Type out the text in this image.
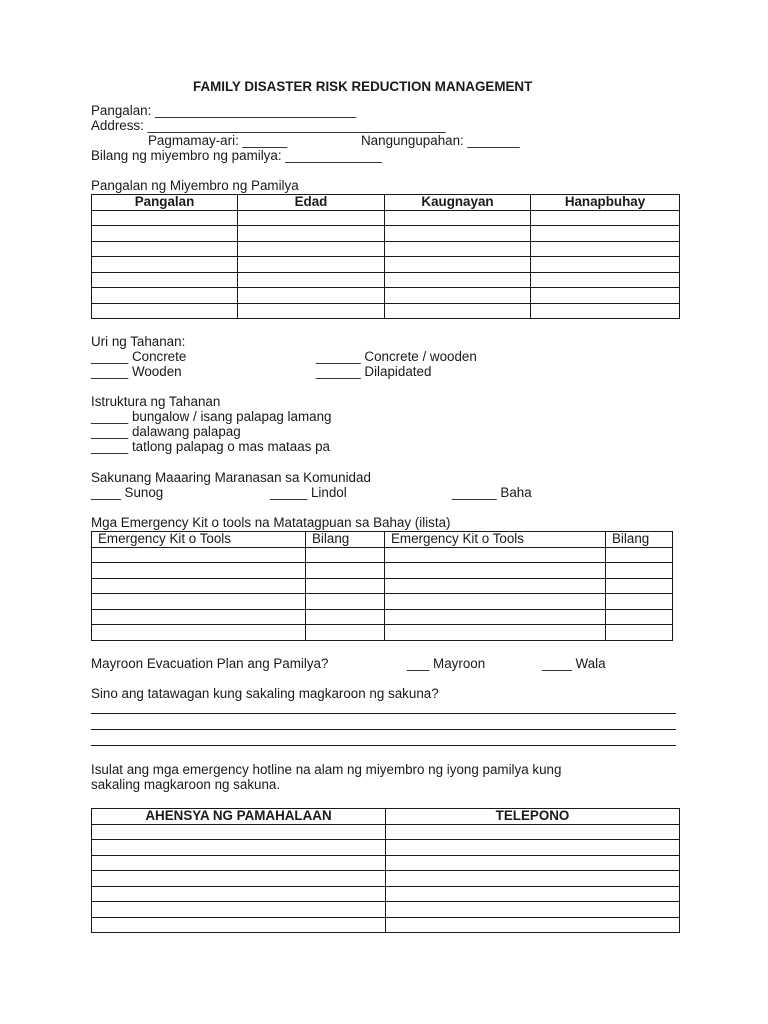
FAMILY DISASTER RISK REDUCTION MANAGEMENT
Pangalan: ___________________________
Address: ________________________________________
Pagmamay-ari: ______	Nangungupahan: _______
Bilang ng miyembro ng pamilya: _____________
Pangalan ng Miyembro ng Pamilya
Pangalan	Edad	Kaugnayan	Hanapbuhay

Uri ng Tahanan:
_____ Concrete	______ Concrete / wooden
_____ Wooden	______ Dilapidated
Istruktura ng Tahanan
_____ bungalow / isang palapag lamang
_____ dalawang palapag
_____ tatlong palapag o mas mataas pa
Sakunang Maaaring Maranasan sa Komunidad
____ Sunog	_____ Lindol	______ Baha
Mga Emergency Kit o tools na Matatagpuan sa Bahay (ilista)
Emergency Kit o Tools	Bilang	Emergency Kit o Tools	Bilang

Mayroon Evacuation Plan ang Pamilya?	___ Mayroon	____ Wala
Sino ang tatawagan kung sakaling magkaroon ng sakuna?
Isulat ang mga emergency hotline na alam ng miyembro ng iyong pamilya kung
sakaling magkaroon ng sakuna.
AHENSYA NG PAMAHALAAN	TELEPONO
